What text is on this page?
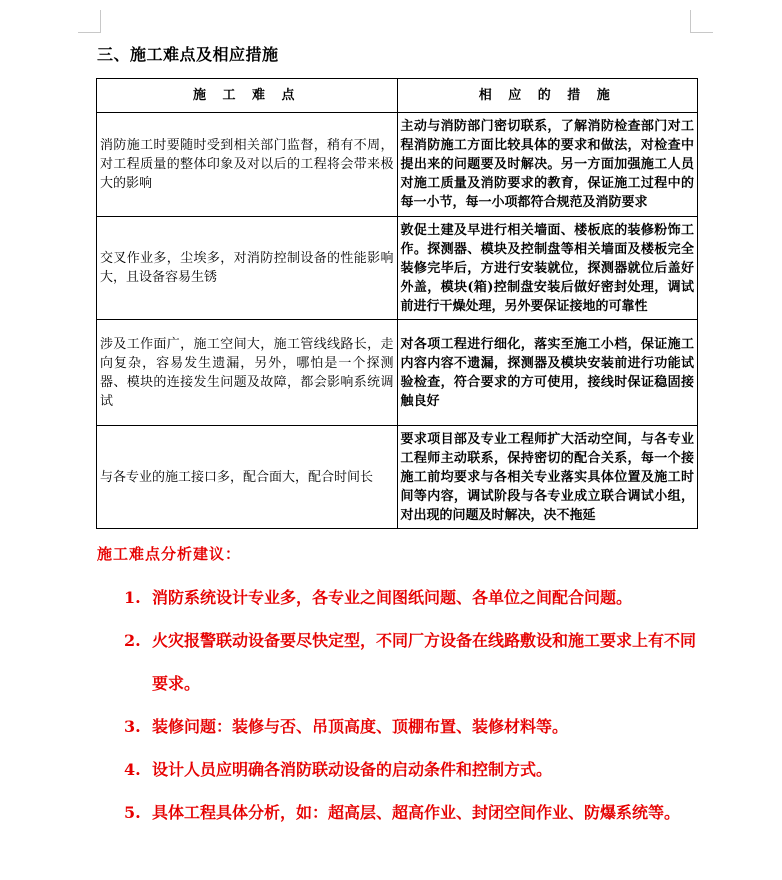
三、施工难点及相应措施
施 工 难 点	相 应 的 措 施
消防施工时要随时受到相关部门监督，稍有不周，对工程质量的整体印象及对以后的工程将会带来极大的影响	主动与消防部门密切联系，了解消防检查部门对工程消防施工方面比较具体的要求和做法，对检查中提出来的问题要及时解决。另一方面加强施工人员对施工质量及消防要求的教育，保证施工过程中的每一小节，每一小项都符合规范及消防要求
交叉作业多，尘埃多，对消防控制设备的性能影响大，且设备容易生锈	敦促土建及早进行相关墙面、楼板底的装修粉饰工作。探测器、模块及控制盘等相关墙面及楼板完全装修完毕后，方进行安装就位，探测器就位后盖好外盖，模块(箱)控制盘安装后做好密封处理，调试前进行干燥处理，另外要保证接地的可靠性
涉及工作面广，施工空间大，施工管线线路长，走向复杂，容易发生遗漏，另外，哪怕是一个探测器、模块的连接发生问题及故障，都会影响系统调试	对各项工程进行细化，落实至施工小档，保证施工内容内容不遗漏，探测器及模块安装前进行功能试验检查，符合要求的方可使用，接线时保证稳固接触良好
与各专业的施工接口多，配合面大，配合时间长	要求项目部及专业工程师扩大活动空间，与各专业工程师主动联系，保持密切的配合关系，每一个接施工前均要求与各相关专业落实具体位置及施工时间等内容，调试阶段与各专业成立联合调试小组，对出现的问题及时解决，决不拖延
施工难点分析建议：
1. 消防系统设计专业多，各专业之间图纸问题、各单位之间配合问题。
2. 火灾报警联动设备要尽快定型，不同厂方设备在线路敷设和施工要求上有不同要求。
3. 装修问题：装修与否、吊顶高度、顶棚布置、装修材料等。
4. 设计人员应明确各消防联动设备的启动条件和控制方式。
5. 具体工程具体分析，如：超高层、超高作业、封闭空间作业、防爆系统等。
